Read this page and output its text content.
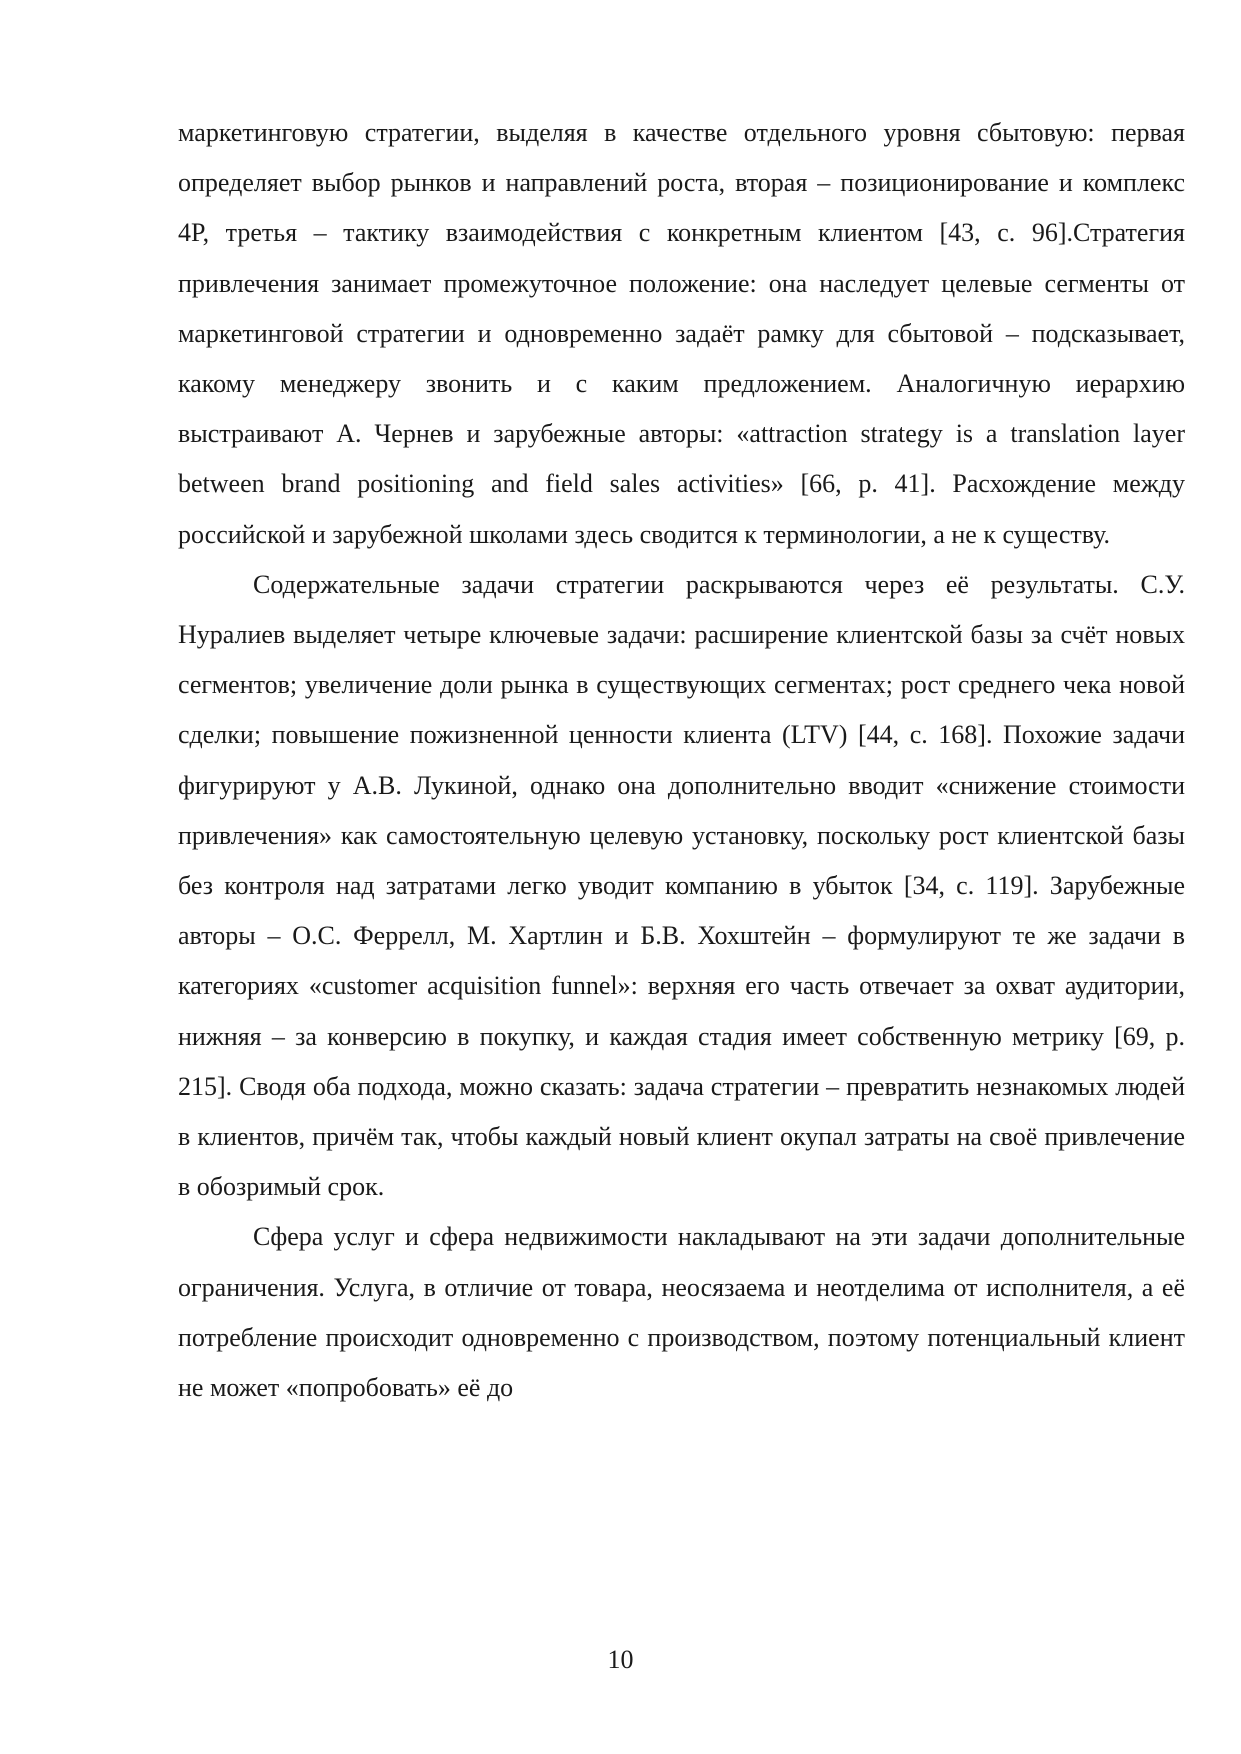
маркетинговую стратегии, выделяя в качестве отдельного уровня сбытовую: первая определяет выбор рынков и направлений роста, вторая – позиционирование и комплекс 4P, третья – тактику взаимодействия с конкретным клиентом [43, с. 96].Стратегия привлечения занимает промежуточное положение: она наследует целевые сегменты от маркетинговой стратегии и одновременно задаёт рамку для сбытовой – подсказывает, какому менеджеру звонить и с каким предложением. Аналогичную иерархию выстраивают А. Чернев и зарубежные авторы: «attraction strategy is a translation layer between brand positioning and field sales activities» [66, p. 41]. Расхождение между российской и зарубежной школами здесь сводится к терминологии, а не к существу.

Содержательные задачи стратегии раскрываются через её результаты. С.У. Нуралиев выделяет четыре ключевые задачи: расширение клиентской базы за счёт новых сегментов; увеличение доли рынка в существующих сегментах; рост среднего чека новой сделки; повышение пожизненной ценности клиента (LTV) [44, с. 168]. Похожие задачи фигурируют у А.В. Лукиной, однако она дополнительно вводит «снижение стоимости привлечения» как самостоятельную целевую установку, поскольку рост клиентской базы без контроля над затратами легко уводит компанию в убыток [34, с. 119]. Зарубежные авторы – О.С. Феррелл, М. Хартлин и Б.В. Хохштейн – формулируют те же задачи в категориях «customer acquisition funnel»: верхняя его часть отвечает за охват аудитории, нижняя – за конверсию в покупку, и каждая стадия имеет собственную метрику [69, p. 215]. Сводя оба подхода, можно сказать: задача стратегии – превратить незнакомых людей в клиентов, причём так, чтобы каждый новый клиент окупал затраты на своё привлечение в обозримый срок.

Сфера услуг и сфера недвижимости накладывают на эти задачи дополнительные ограничения. Услуга, в отличие от товара, неосязаема и неотделима от исполнителя, а её потребление происходит одновременно с производством, поэтому потенциальный клиент не может «попробовать» её до

10
